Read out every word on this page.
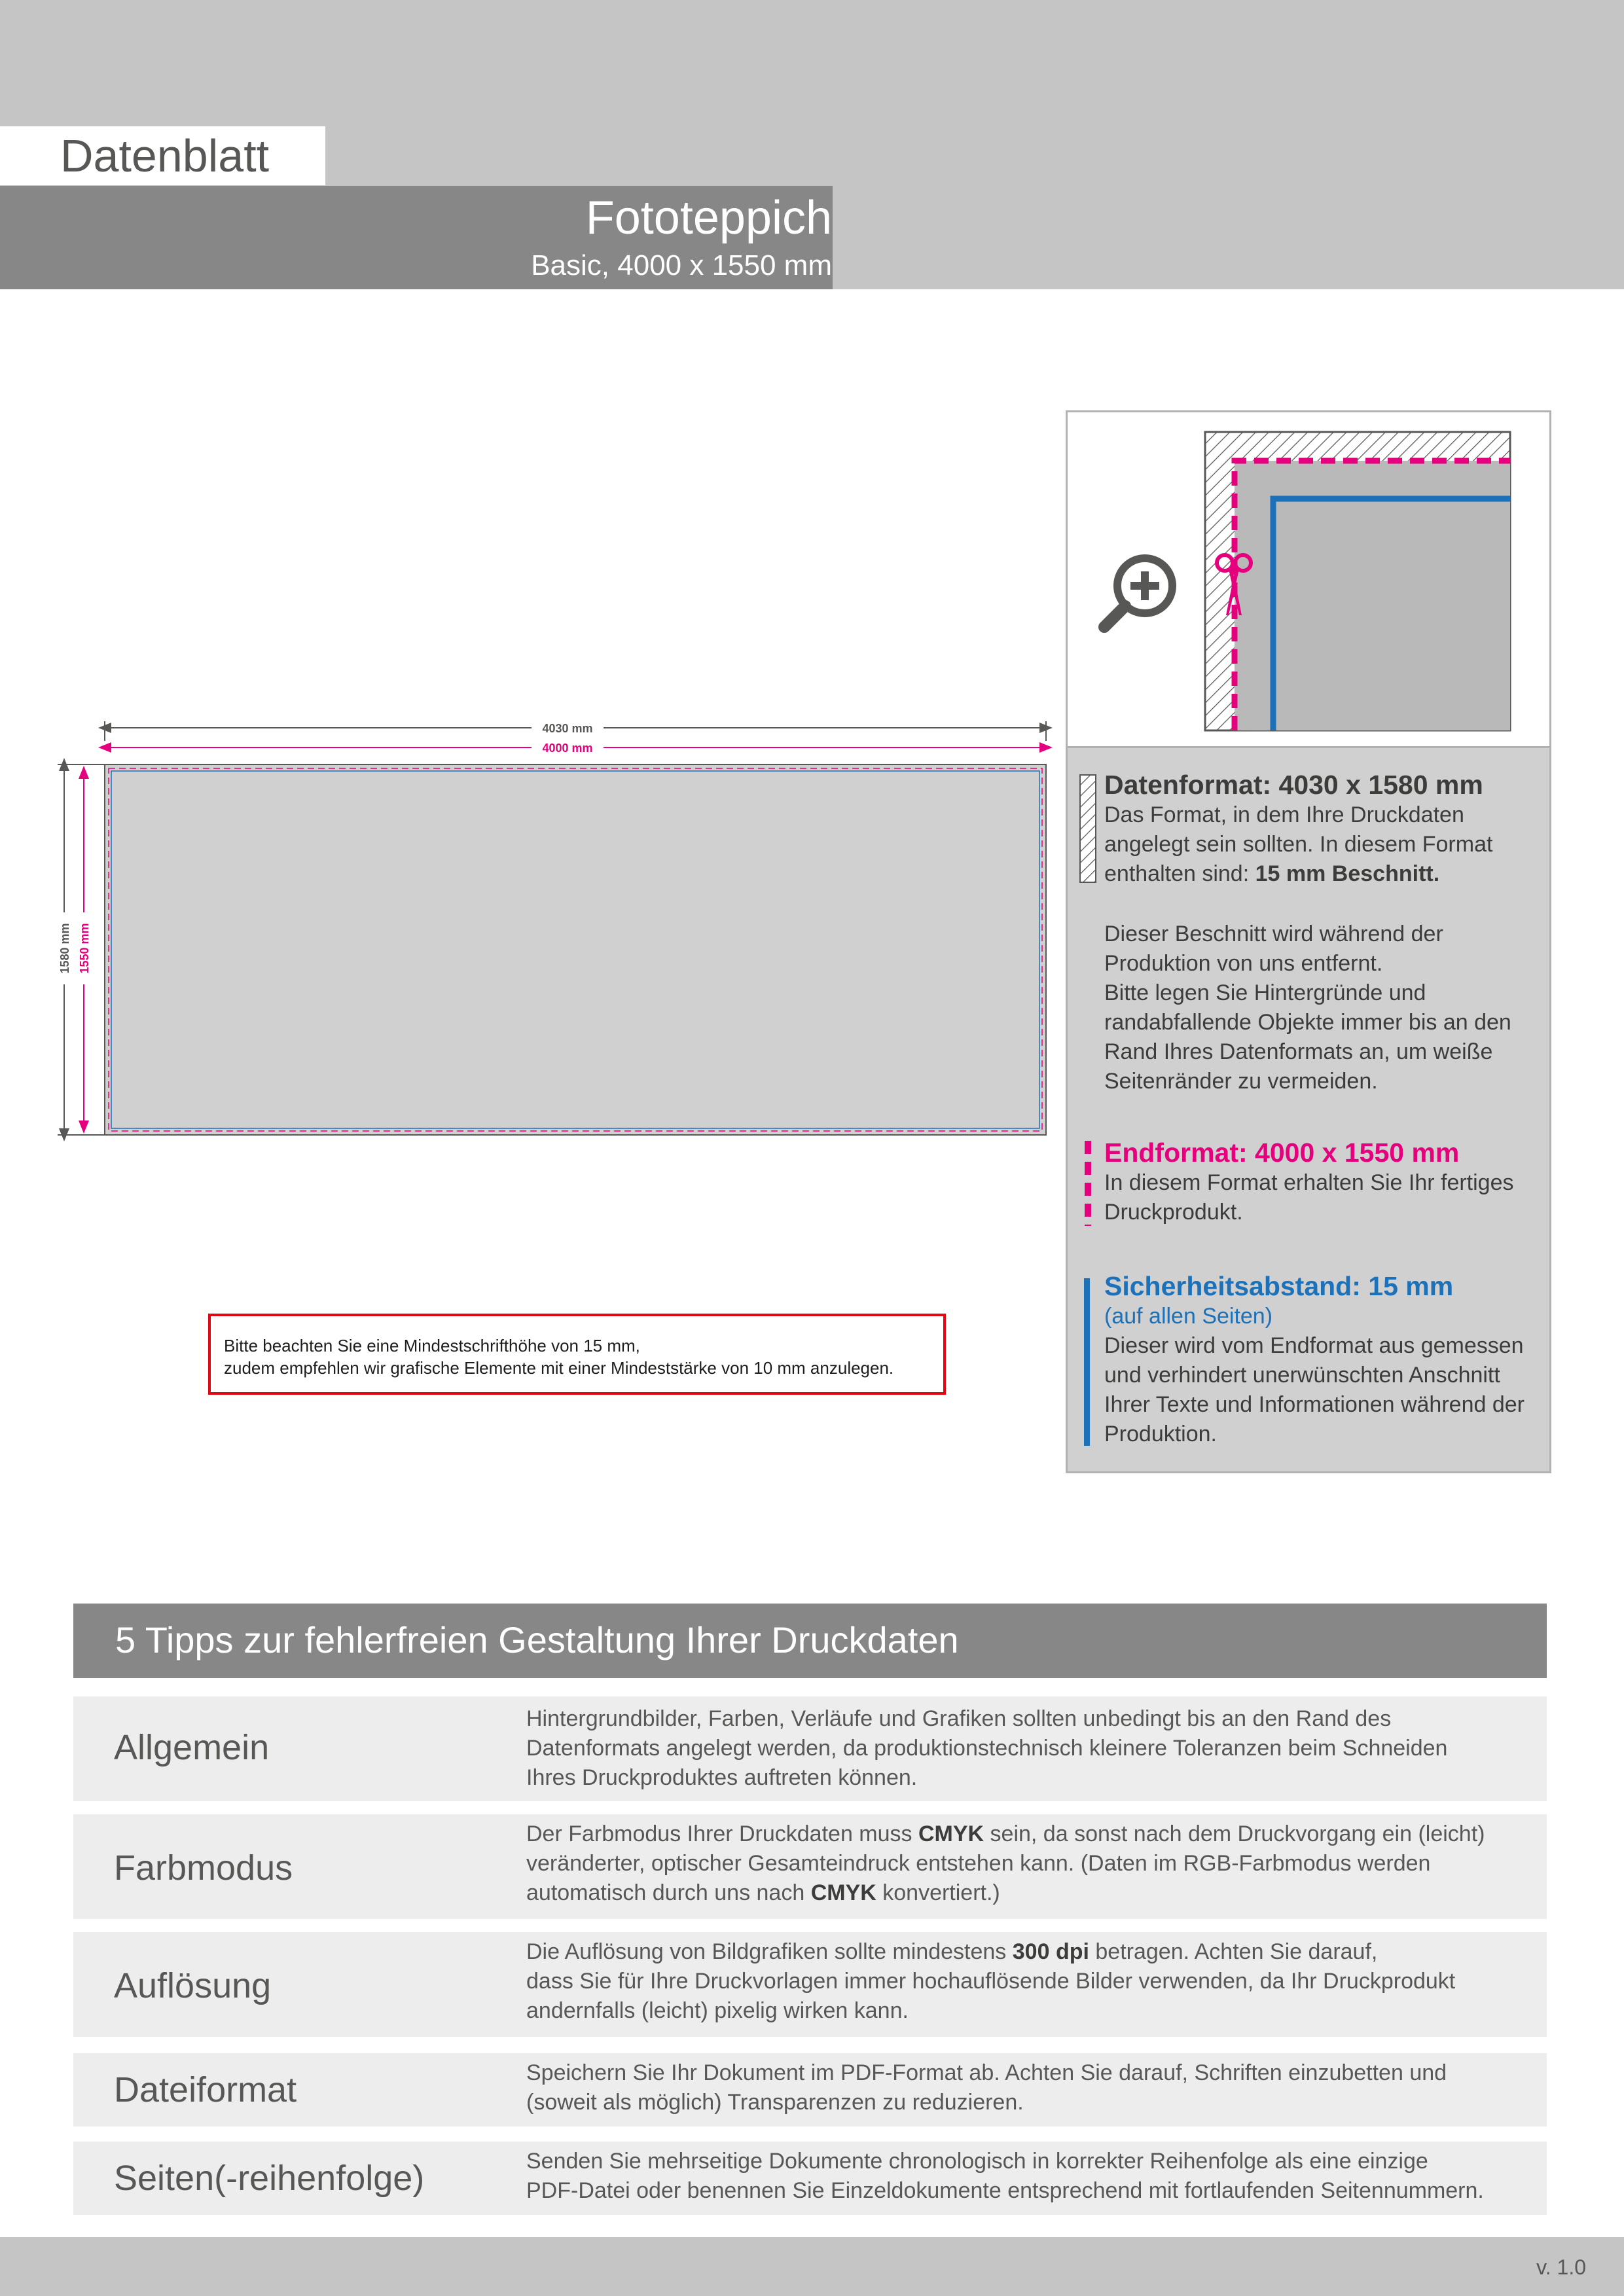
Datenblatt
Fototeppich
Basic, 4000 x 1550 mm
4030 mm
4000 mm
1580 mm 1550 mm
Datenformat: 4030 x 1580 mm
Das Format, in dem Ihre Druckdaten
angelegt sein sollten. In diesem Format
enthalten sind: 15 mm Beschnitt.
Dieser Beschnitt wird während der
Produktion von uns entfernt.
Bitte legen Sie Hintergründe und
randabfallende Objekte immer bis an den
Rand Ihres Datenformats an, um weiße
Seitenränder zu vermeiden.
Endformat: 4000 x 1550 mm
In diesem Format erhalten Sie Ihr fertiges
Druckprodukt.
Sicherheitsabstand: 15 mm
(auf allen Seiten)
Dieser wird vom Endformat aus gemessen
und verhindert unerwünschten Anschnitt
Ihrer Texte und Informationen während der
Produktion.
Bitte beachten Sie eine Mindestschrifthöhe von 15 mm,
zudem empfehlen wir grafische Elemente mit einer Mindeststärke von 10 mm anzulegen.
5 Tipps zur fehlerfreien Gestaltung Ihrer Druckdaten
Allgemein
Hintergrundbilder, Farben, Verläufe und Grafiken sollten unbedingt bis an den Rand des
Datenformats angelegt werden, da produktionstechnisch kleinere Toleranzen beim Schneiden
Ihres Druckproduktes auftreten können.
Farbmodus
Der Farbmodus Ihrer Druckdaten muss CMYK sein, da sonst nach dem Druckvorgang ein (leicht)
veränderter, optischer Gesamteindruck entstehen kann. (Daten im RGB-Farbmodus werden
automatisch durch uns nach CMYK konvertiert.)
Auflösung
Die Auflösung von Bildgrafiken sollte mindestens 300 dpi betragen. Achten Sie darauf,
dass Sie für Ihre Druckvorlagen immer hochauflösende Bilder verwenden, da Ihr Druckprodukt
andernfalls (leicht) pixelig wirken kann.
Dateiformat	Speichern Sie Ihr Dokument im PDF-Format ab. Achten Sie darauf, Schriften einzubetten und
(soweit als möglich) Transparenzen zu reduzieren.
Seiten(-reihenfolge)	Senden Sie mehrseitige Dokumente chronologisch in korrekter Reihenfolge als eine einzige
PDF-Datei oder benennen Sie Einzeldokumente entsprechend mit fortlaufenden Seitennummern.
v. 1.0
